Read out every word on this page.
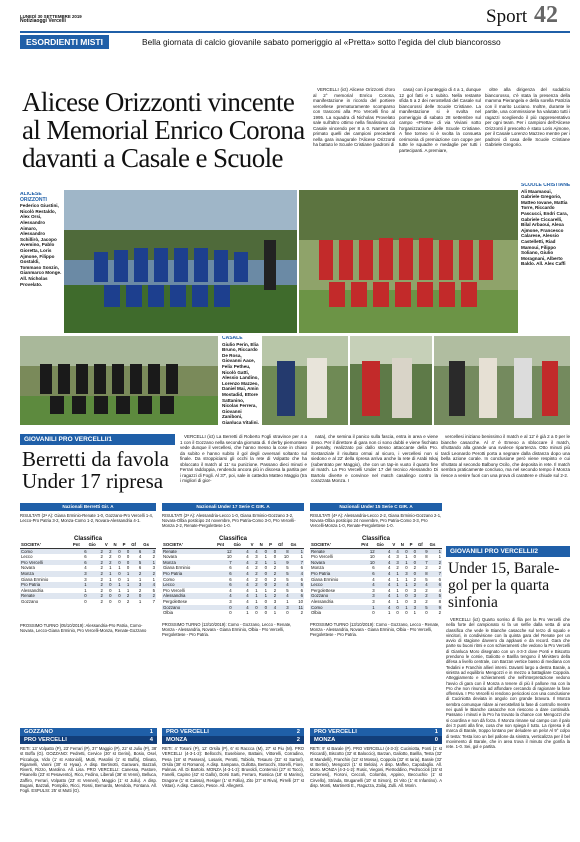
LUNEDÌ 30 SETTEMBRE 2019
Notiziaoggi Vercelli	Sport 42
ESORDIENTI MISTI	Bella giornata di calcio giovanile sabato pomeriggio al «Pretta» sotto l'egida del club biancorosso
Alicese Orizzonti vincente al Memorial Enrico Corona davanti a Casale e Scuole

VERCELLI (ict) Alicese Orizzonti d'oro al 2° memorial Enrico Corona, manifestazione in ricordo del portiere vercellese prematuramente scomparso con trascorsi alla Pro Vercelli fino al 1995. La squadra di Nicholas Provelato sale sull'altro ottimo nella finalissima col Casale vincendo per 8 a 0. Nament da primato quelli dei campioni precedenti nella gara inaugurale l'Alicese Orizzonti ha battuto le Scuole Cristiane (padroni di

casa) con il punteggio di 4 a 1, dunque 12 gol fatti e 1 subito. Nella restante sfida 5 a 2 dei nerostellati del Casale sul biancorossi delle Scuole Cristiane. La manifestazione si è svolta nel pomeriggio di sabato 28 settembre sul campo «Pretta» di via Viviani sotto l'organizzazione delle Scuole Cristiane. A fine torneo si è svolta la consueta cerimonia di premiazione con coppe per tutte le squadre e medaglie per tutti i partecipanti. A premiare,

oltre alla dirigenza del sodalizio biancorosso, c'è stata la presenza della mamma Pierangela e della sorella Patrizia con il marito Luciano. Inoltre, durante le partite, una commissione ha valutato tutti i ragazzi scegliendo il più rappresentativo per ogni team. Per i campioni dell'Alicese Orizzonti il prescelto è stato Loris Ajmone, per il Casale Lorenzo Mazzeo mentre per i padroni di casa delle Scuole Cristiane Gabriele Gregorio.

ALICESE ORIZZONTI
Federico Giustini, Nicolò Restaldo, Alex Orsi, Alessandro Aimaro, Alessandro Schillirò, Jacopo Avemino, Pablo Gioretta, Loris Ajmone, Filippo Gostaldi, Tommaso Sonzin, Gianmarco Monge. All. Nicholas Provelato.
SCUOLE CRISTIANE
Ali Maamaoui, Gabriele Gregorio, Matteo Iovane, Mattia Torre, Riccardo Pascucci, Endri Cara, Gabriele Ciccarelli, Bilal Arbaoui, Alexa Ajmone, Francesco Calarese, Alessio Castelletti, Riad Mamoui, Filippo Soliano, Giulio Moragnani, Alberto Baldo. All. Alex Caffi
CASALE
Giulio Perin, Elia Bruno, Riccardo De Rosa, Giovanni Aace, Felix Petheu, Nicolò Gatti, Alessio Landino, Lorenzo Mazzeo, Daniel Mai, Amin Mostadid, Ettore Sattanino, Nicolas Ferrera, Giovanni Zaniboni, Gianluca Vitalini.
GIOVANILI PRO VERCELLI/1
Berretti da favola Under 17 ripresa

VERCELLI (ict) La Berretti di Roberto Fogli stravince per 4 a 1 con il Gozzano nella seconda giornata di. Il derby piemontese vede dunque il vercellesi, che hanno messo la cose in chiaro da subito e hanno subito il gol degli ovversari soltanto sul finale. Da stroppiciarsi gli occhi la rete di Volpatto che ha sbloccato il match al 11' su punizione. Passano dieci minuti e Ferrari raddoppia, rendendo ancora più in discesa la partita per i ragazzi di Fogli. Al 37', poi, sale in cattedra Matteo Maggio (tra i migliori di gior-

nata), che semina il panico sulla fascia, entra in area e viene steso. Per il direttore di gara non ci sono dubbi e viene fischiato il penalty, realizzato poi dallo stesso attaccante della Pro. Sostanziale il risultato ormai al sicuro, i vercellesi non si siedono e al 22' della ripresa arriva anche la rete di Arabi Iskaj (subentrato per Maggio), che con un tap-in vuoto il quarto fine al match. La Pro Vercelli Under 17 del tecnico Alessandro Di Bartolo diverte e convince nel match casalingo contro la corazzata Monza. I

vercellesi iniziano benissimo il match e al 12' è già 2 a 0 per le bianche casacche. Al 4' è Emeoo a sbloccare il match, sfruttando alla grande una svolece ripartenza. Otto minuti più tardi Leonardo Perotti porta a segnare dalla distanza dopo una bella azione corale. In conclusione però viene respinto e cui sfruttato al secondo Balbony Ocilo, che deposita in rete. Il match sembra praticamente concluso, ma nel secondo tempo il Monza riesce a venire fuori con una prova di carattere e chiude sul 2-2.

Nazionali Berretti Gir. A
RISULTATI (2ª A): Giana Erminio-Renate 1-0, Gozzano-Pro Vercelli 1-4, Lecco-Pro Patria 3-2, Monza-Como 1-2, Novara-Alessandria 4-1.
Classifica
SOCIETA'	Pnt	Gio	V	N	P	Gf	Gs
Como	6	2	2	0	0	6	3
Lecco	6	2	2	0	0	4	2
Pro Vercelli	6	2	2	0	0	5	1
Novara	4	2	1	1	0	6	3
Monza	3	2	1	0	1	2	2
Giana Erminio	3	2	1	0	1	1	1
Pro Patria	1	2	0	1	1	3	4
Alessandria	1	2	0	1	1	2	5
Renate	0	2	0	0	2	0	2
Gozzano	0	2	0	0	2	1	7
PROSSIMO TURNO (05/10/2019): Alessandria-Pro Patria, Como-Novara, Lecco-Giana Erminio, Pro Vercelli-Monza, Renate-Gozzano
Nazionali Under 17 Serie C GIR. A
RISULTATI (2ª A): Alessandria-Lecco 1-0, Giana Erminio-Gozzano 3-2, Novara-Olbia posticipo 24 novembre, Pro Patria-Como 3-0, Pro Vercelli-Monza 2-2, Renate-Pergolettese 1-0.
Classifica
SOCIETA'	Pnt	Gio	V	N	P	Gf	Gs
Renate	12	4	4	0	0	8	1
Novara	10	4	3	1	0	10	1
Monza	7	4	2	1	1	9	7
Giana Erminio	6	4	2	0	2	5	6
Pro Patria	6	4	2	0	2	5	4
Como	6	4	2	0	2	5	6
Lecco	6	4	2	0	2	4	5
Pro Vercelli	4	4	1	1	2	5	6
Alessandria	4	4	1	1	2	4	6
Pergolettese	3	4	1	0	3	1	10
Gozzano	0	4	0	0	4	3	11
Olbia	0	1	0	0	1	0	2
PROSSIMO TURNO (13/10/2019): Como - Gozzano, Lecco - Renate, Monza - Alessandria, Novara - Giana Erminio, Olbia - Pro Vercelli, Pergolettese - Pro Patria.
Nazionali Under 15 Serie C GIR. A
RISULTATI (4ª A): Alessandria-Lecco 2-2, Giana Erminio-Gozzano 2-1, Novara-Olbia posticipo 24 novembre, Pro Patria-Como 3-3, Pro Vercelli-Monza 1-0, Renate-Pergolettese 1-0.
Classifica
SOCIETA'	Pnt	Gio	V	N	P	Gf	Gs
Renate	12	4	4	0	0	9	1
Pro Vercelli	10	4	3	1	0	8	1
Novara	10	4	3	1	0	7	2
Monza	6	4	2	0	2	2	2
Pro Patria	6	4	1	3	0	8	7
Giana Erminio	4	4	1	1	2	5	6
Lecco	4	4	1	1	2	4	6
Pergolettese	3	4	1	0	3	2	4
Gozzano	3	4	1	0	3	2	5
Alessandria	3	4	1	0	3	2	8
Como	1	4	0	1	3	5	9
Olbia	0	1	0	0	1	0	2
PROSSIMO TURNO (13/10/2019): Como - Gozzano, Lecco - Renate, Monza - Alessandria, Novara - Giana Erminio, Olbia - Pro Vercelli, Pergolettese - Pro Patria.
GIOVANILI PRO VERCELLI/2
Under 15, Barale-gol per la quarta sinfonia

VERCELLI (ict) Quarto sorriso di fila per la Pro Vercelli che nella forte del campionato si fa un selfie dalla vetta di una classifica che vede le Bianche casacche sul terzo di squalo e vincitori, in condivisione con la quinta gara del Renate per un avvio di stagione davvero da applausi e da record. Gara che parte su buoni ritmi e con schieramenti che vedono la Pro Vercelli di Gianluca Moro disegnato con un 4-3-3 dove Ponti e Biscotto prendono le corsie, Galiotto e Barilla tengono il Ministero della difesa a livello centrale, con Barzan vertice basso di mediana con Tedalini e Franchin allieri interni. Davanti largo a destra Barale, a sinistra ad equilibrio Mengozzi e in mezzo a battagliare Coppola. Atteggiamento e schieramenti che nell'interpretazione vedono l'avvio di gara con il Monza a tenere di più il pallone ma con la Pro che non rinuncia ad affondare cercando di ragionare la fase offensiva. I Pro Vercelli si rendono pericolosi con una conclusione di Cuciniotta deviata in angolo con grande bravura. Il Monza sembra comunque ridare ai nerostellati la fase di controllo mentre nei quali le Bianche casacche non riescono a dare continuità. Passano i minuti e la Pro ha trovato la chance con Mengozzi che si coordina e non dà forza. Il Monza rimane sul campo con il palo dei 3 punti alla fine, cosa che non spiega il tutto. La ripresa è di marca di Barale, troppo lontano per deludere un pelo! Al 9° colpo di testa: Testa loro un bel pallone da sinistra, verticalizza per il bel movimento di Barale, che in area trova il minuto che gonfia la rete. 1-0. Sei, gol e partita.

GOZZANO	1
PRO VERCELLI	4
RETI: 13' Volpatto (P), 23' Ferrari (P), 37' Maggio (P), 22' st Juliu (P), 38' st Boffa (G). GOZZANO: Pedretti, Cervice (30' st Gerini), Bosio, Osel, Piccaluga, Vido (1' st Antonioli), Mutti, Pasolini (1' st Buffa), Olivato, Rigamelli, Vanni (30' st Hyaa). A disp. Bertinotti, Garavani, Bazzali, Riverti, Rizzo, Marolino. All. Lisa. PRO VERCELLI: Canessa, Pastore, Pisanello (23' st Pesavento), Rico, Fedino, Liberali (38' st Venni), Belluca, Zaffiro, Ferrari, Volpatto (23' st Venneri), Maggio (1' st Juliu). A disp. Bugani, Bazzali, Pompilio, Ricci, Rossi, Bernardo, Mendola, Fontana. All. Fogli. ESPULSI: 25' st Mutti (G).
PRO VERCELLI	2
MONZA	2
RETI: 4' Tosoni (P), 12' Orsila (P), 6' st Raccca (M), 27' st Piu (M). PRO VERCELLI (4-3-1-2): Bellocchi, Eusebione, Battaini, Vittorelli, Corradino, Pesa (18' st Passera), Losaris, Perotti, Tobiolo, Tesauro (32' st Sartori), Orsila (38' st Romano). A disp. Sampana, Gullotta, Bertocchi, Storelli, Fiore, Palmas. All. Di Bartolo. MONZA (4-3-1-2): Bruvoldi, Contemici (27' st Tocci), Fanelli, Capino (42' st Gallo), Dorsi Sarti, Ferraro, Russica (18' st Marino), Dragone (1' st Caissa), Resiger (1' st Follia), Zito (27' st Riva), Pirrelli (27' st Vistas). A disp. Cancio, Pesce. All. Allegretti.
PRO VERCELLI	1
MONZA	0
RETI: 9' st Barale (P). PRO VERCELLI (4-3-3): Cuciniotta, Ponti (1' st Riccardi), Biscotto (32' st Baloccio), Barzan, Galiotto, Barilla, Testa (32' st Mandelli), Franchin (12' st Mossa), Coppola (32' st Iaria), Barale (32' st Bertini), Mengozzi (1' st Belola). A disp. Maffeo, Capodaglio. All. Moro. MONZA (4-3-1-2): Rusic, Viegoni, Pietroddino, Pedroccioli (15' st Cortenesi), Fioroni, Ceccoli, Colombo, Appino, Beccuchio (1' st Cirvello), Striada, Bruganelli (10' st Simon), Di Vito (1' st Infantino). A disp. Monti, Martinetti E., Raguzza, Zoilaj, Zulli. All. Morin.
